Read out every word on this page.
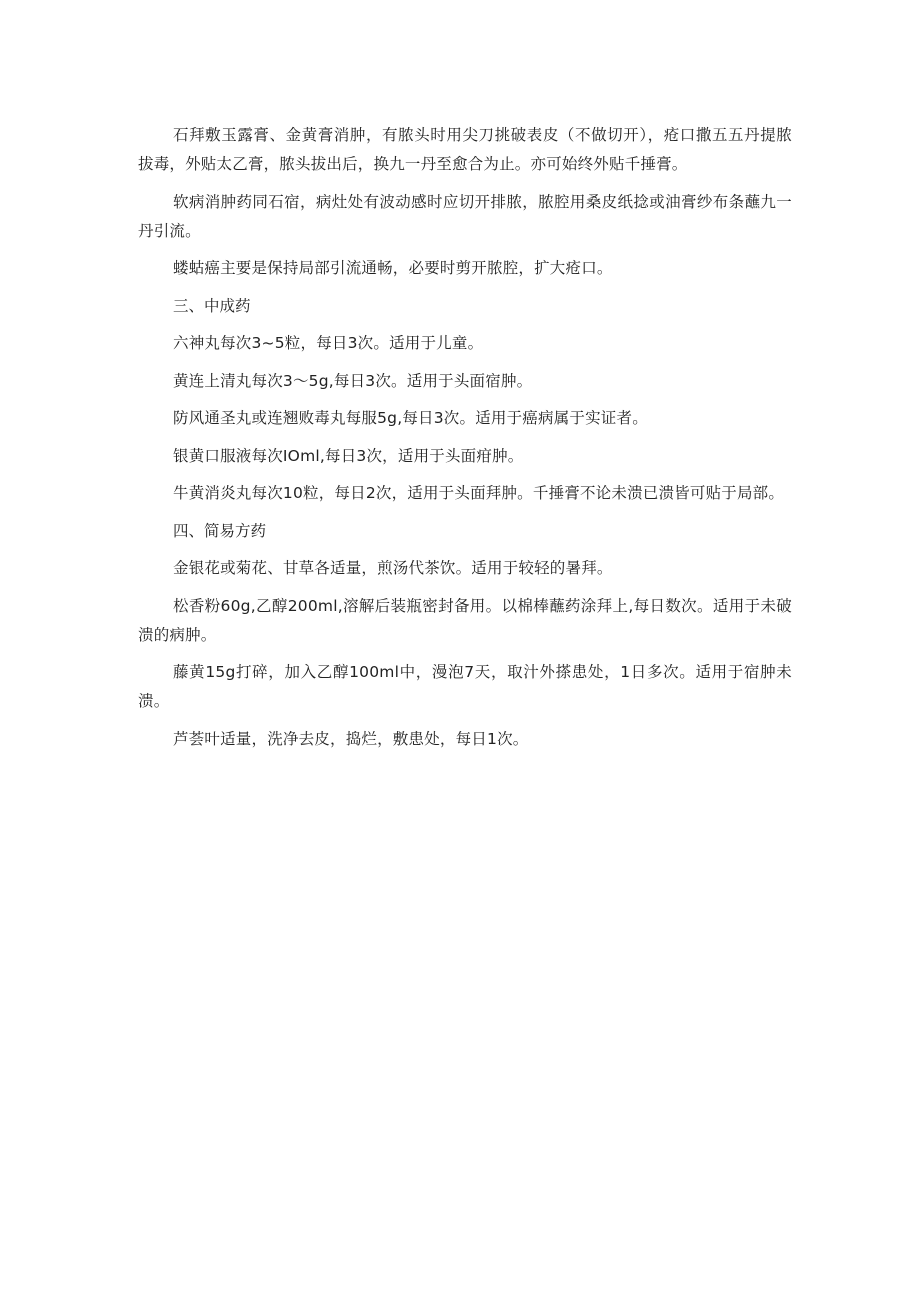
石拜敷玉露膏、金黄膏消肿，有脓头时用尖刀挑破表皮（不做切开），疮口撒五五丹提脓拔毒，外贴太乙膏，脓头拔出后，换九一丹至愈合为止。亦可始终外贴千捶膏。

软病消肿药同石宿，病灶处有波动感时应切开排脓，脓腔用桑皮纸捻或油膏纱布条蘸九一丹引流。

蝼蛄癌主要是保持局部引流通畅，必要时剪开脓腔，扩大疮口。

三、中成药

六神丸每次3~5粒，每日3次。适用于儿童。

黄连上清丸每次3～5g,每日3次。适用于头面宿肿。

防风通圣丸或连翘败毒丸每服5g,每日3次。适用于癌病属于实证者。

银黄口服液每次IOml,每日3次，适用于头面疳肿。

牛黄消炎丸每次10粒，每日2次，适用于头面拜肿。千捶膏不论未溃已溃皆可贴于局部。

四、简易方药

金银花或菊花、甘草各适量，煎汤代茶饮。适用于较轻的暑拜。

松香粉60g,乙醇200ml,溶解后装瓶密封备用。以棉棒蘸药涂拜上,每日数次。适用于未破溃的病肿。

藤黄15g打碎，加入乙醇100ml中，漫泡7天，取汁外搽患处，1日多次。适用于宿肿未溃。

芦荟叶适量，洗净去皮，捣烂，敷患处，每日1次。
